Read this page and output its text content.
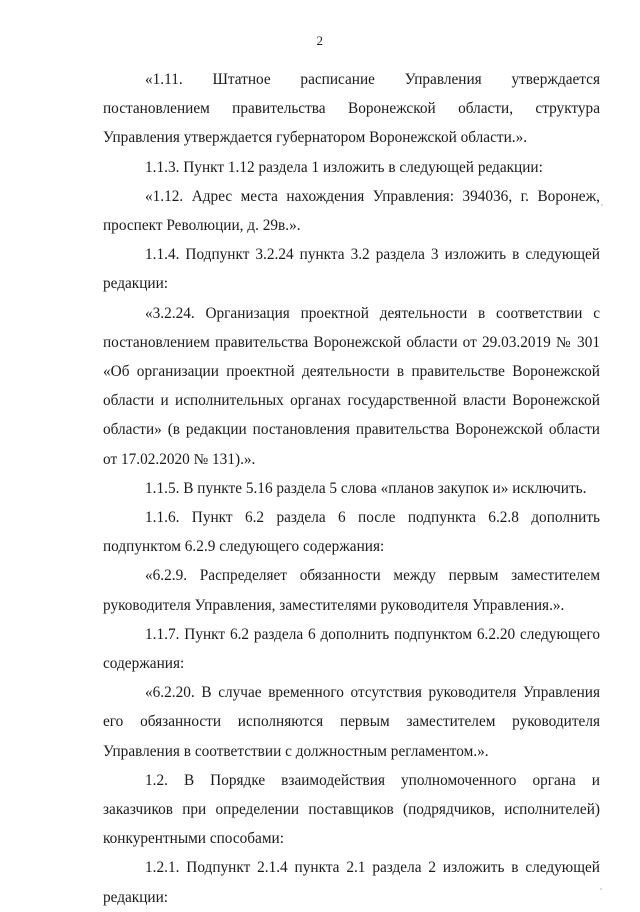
2

«1.11. Штатное расписание Управления утверждается постановлением правительства Воронежской области, структура Управления утверждается губернатором Воронежской области.».

1.1.3. Пункт 1.12 раздела 1 изложить в следующей редакции:

«1.12. Адрес места нахождения Управления: 394036, г. Воронеж, проспект Революции, д. 29в.».

1.1.4. Подпункт 3.2.24 пункта 3.2 раздела 3 изложить в следующей редакции:

«3.2.24. Организация проектной деятельности в соответствии с постановлением правительства Воронежской области от 29.03.2019 № 301 «Об организации проектной деятельности в правительстве Воронежской области и исполнительных органах государственной власти Воронежской области» (в редакции постановления правительства Воронежской области от 17.02.2020 № 131).».

1.1.5. В пункте 5.16 раздела 5 слова «планов закупок и» исключить.

1.1.6. Пункт 6.2 раздела 6 после подпункта 6.2.8 дополнить подпунктом 6.2.9 следующего содержания:

«6.2.9. Распределяет обязанности между первым заместителем руководителя Управления, заместителями руководителя Управления.».

1.1.7. Пункт 6.2 раздела 6 дополнить подпунктом 6.2.20 следующего содержания:

«6.2.20. В случае временного отсутствия руководителя Управления его обязанности исполняются первым заместителем руководителя Управления в соответствии с должностным регламентом.».

1.2. В Порядке взаимодействия уполномоченного органа и заказчиков при определении поставщиков (подрядчиков, исполнителей) конкурентными способами:

1.2.1. Подпункт 2.1.4 пункта 2.1 раздела 2 изложить в следующей редакции:
